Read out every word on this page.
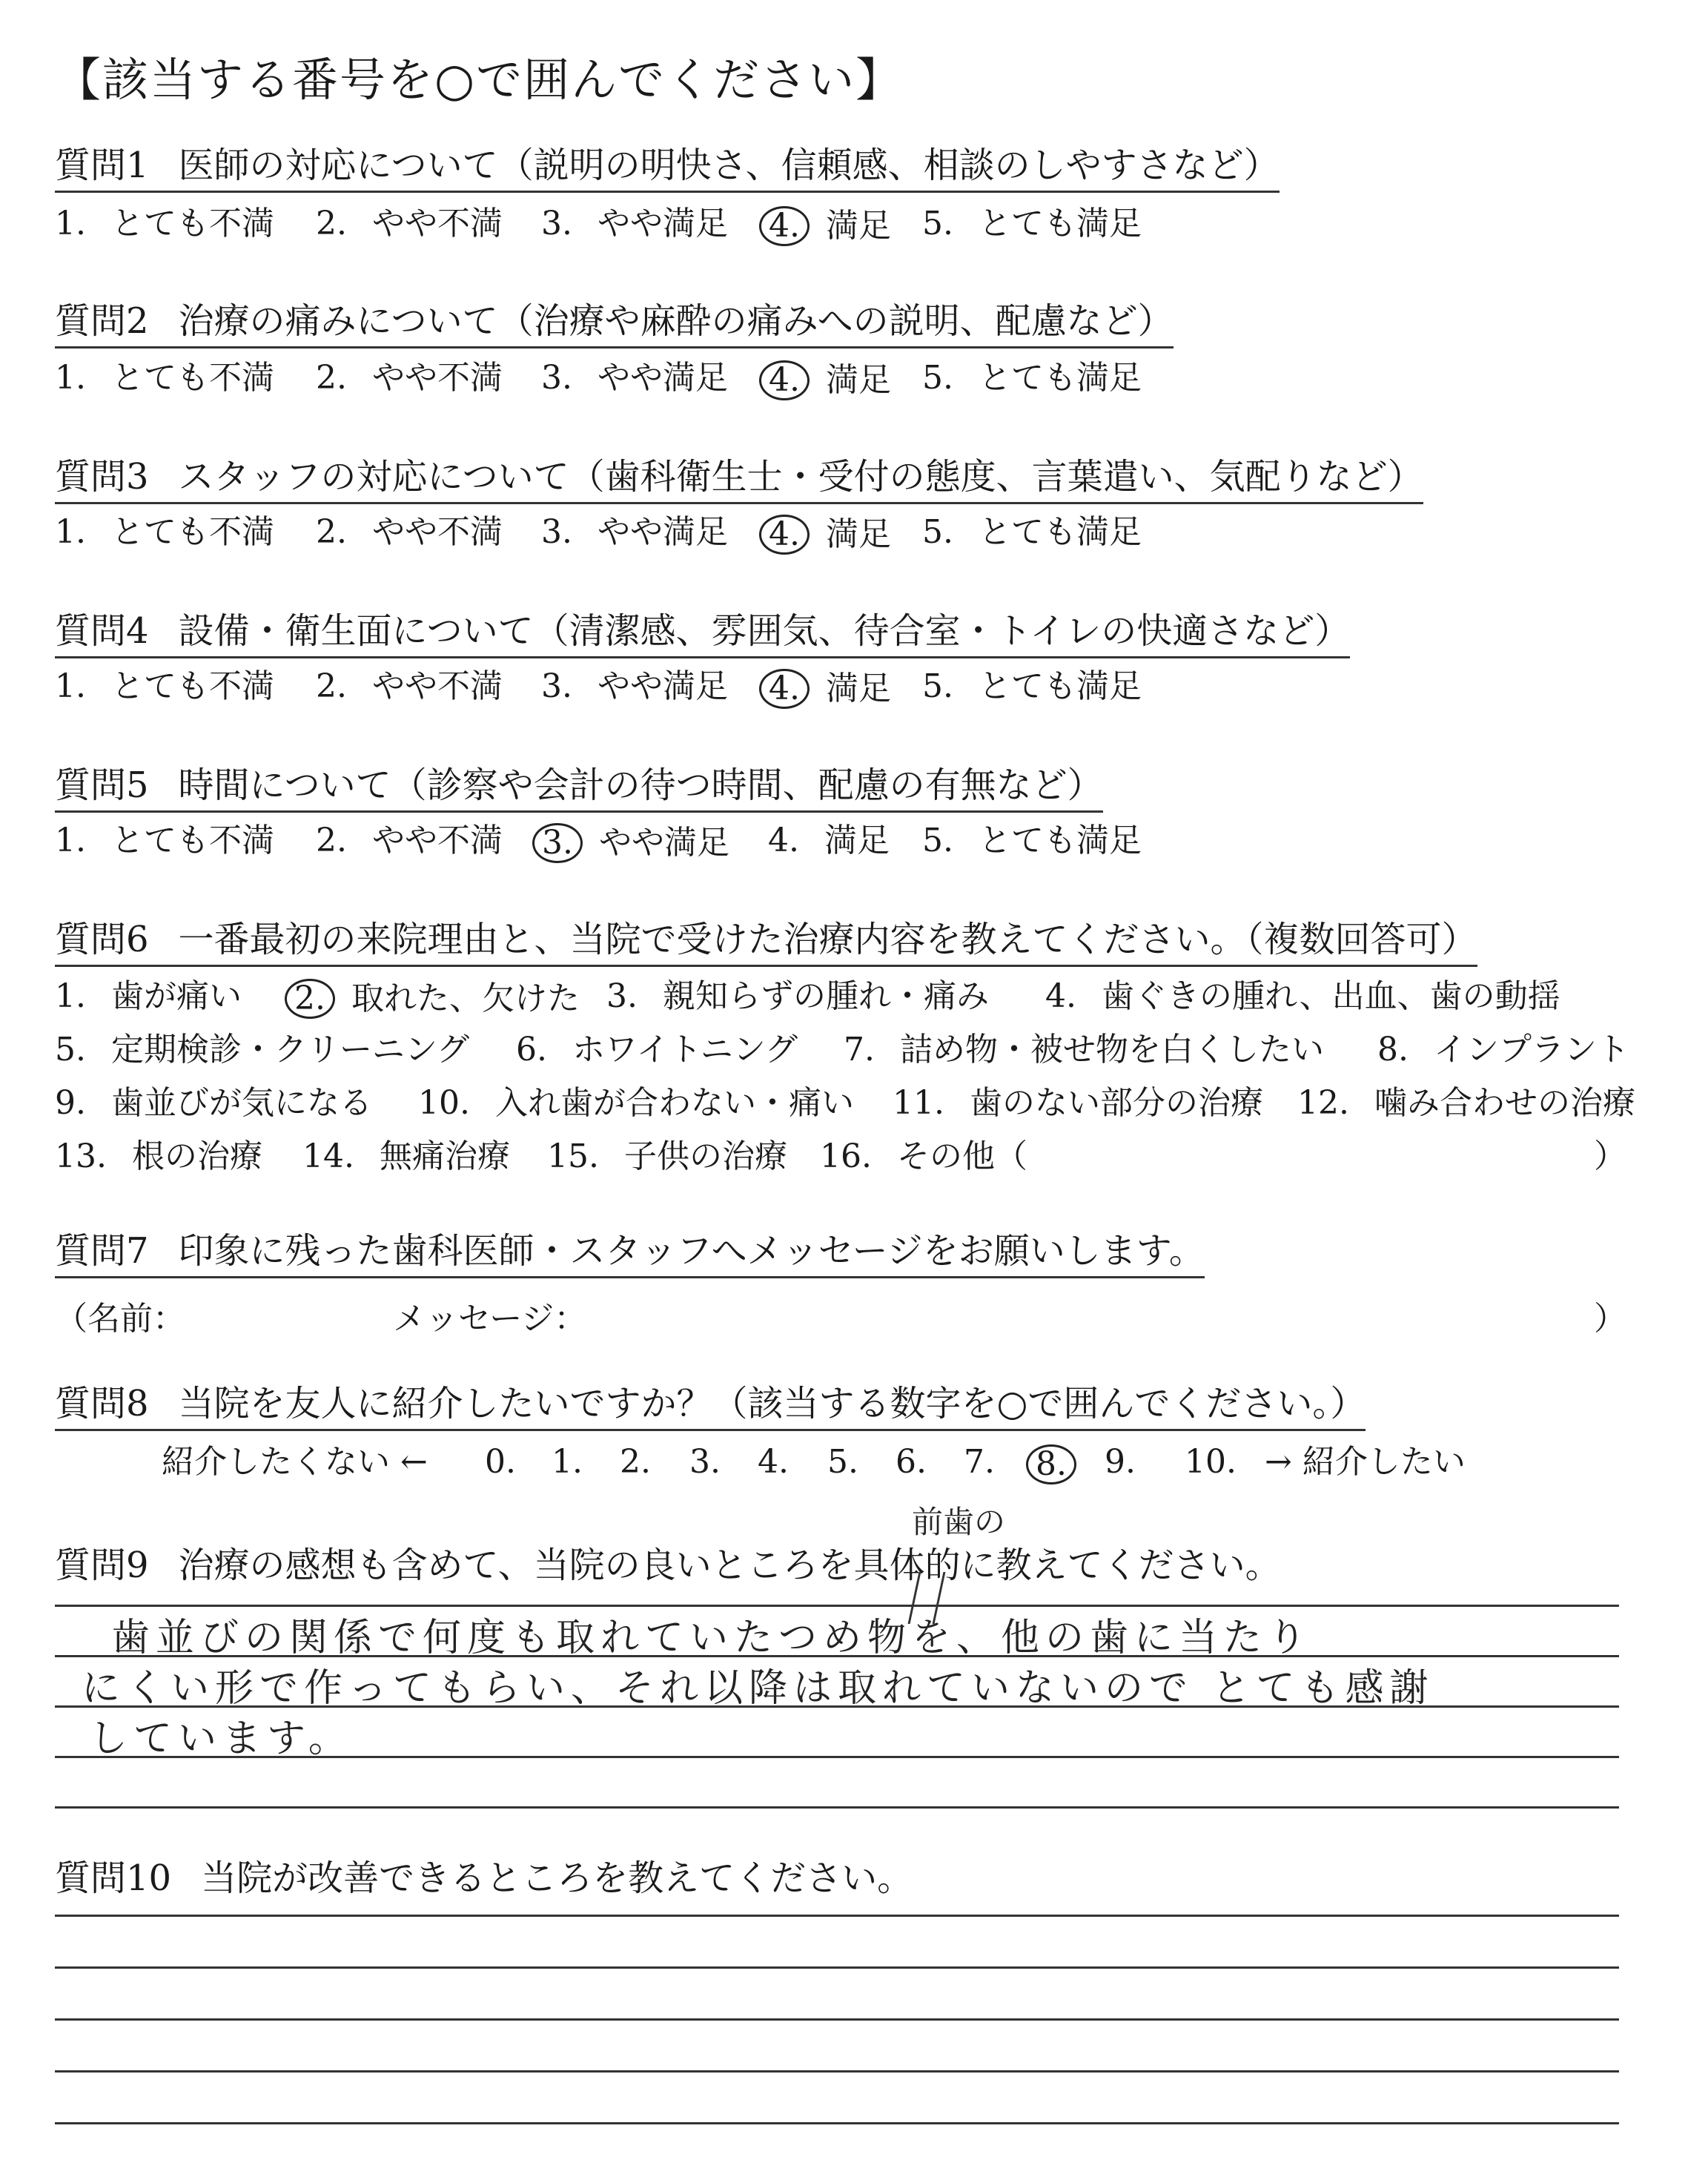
【該当する番号を○で囲んでください】
質問1 医師の対応について（説明の明快さ、信頼感、相談のしやすさなど）
1. とても不満 2. やや不満 3. やや満足 4. 満足 5. とても満足
質問2 治療の痛みについて（治療や麻酔の痛みへの説明、配慮など）
1. とても不満 2. やや不満 3. やや満足 4. 満足 5. とても満足
質問3 スタッフの対応について（歯科衛生士・受付の態度、言葉遣い、気配りなど）
1. とても不満 2. やや不満 3. やや満足 4. 満足 5. とても満足
質問4 設備・衛生面について（清潔感、雰囲気、待合室・トイレの快適さなど）
1. とても不満 2. やや不満 3. やや満足 4. 満足 5. とても満足
質問5 時間について（診察や会計の待つ時間、配慮の有無など）
1. とても不満 2. やや不満 3. やや満足 4. 満足 5. とても満足
質問6 一番最初の来院理由と、当院で受けた治療内容を教えてください。（複数回答可）
1. 歯が痛い 2. 取れた、欠けた 3. 親知らずの腫れ・痛み 4. 歯ぐきの腫れ、出血、歯の動揺
5. 定期検診・クリーニング 6. ホワイトニング 7. 詰め物・被せ物を白くしたい 8. インプラント
9. 歯並びが気になる 10. 入れ歯が合わない・痛い 11. 歯のない部分の治療 12. 噛み合わせの治療
13. 根の治療 14. 無痛治療 15. 子供の治療 16. その他（	）
質問7 印象に残った歯科医師・スタッフへメッセージをお願いします。
（名前：	メッセージ：	）
質問8 当院を友人に紹介したいですか？（該当する数字を○で囲んでください。）
紹介したくない ← 0. 1. 2. 3. 4. 5. 6. 7. 8.	9. 10. → 紹介したい
質問9 治療の感想も含めて、当院の良いところを具体的に教えてください。
前歯の
歯並びの関係で何度も取れていたつめ物を、他の歯に当たり
にくい形で作ってもらい、それ以降は取れていないので とても感謝
しています。
質問10 当院が改善できるところを教えてください。
